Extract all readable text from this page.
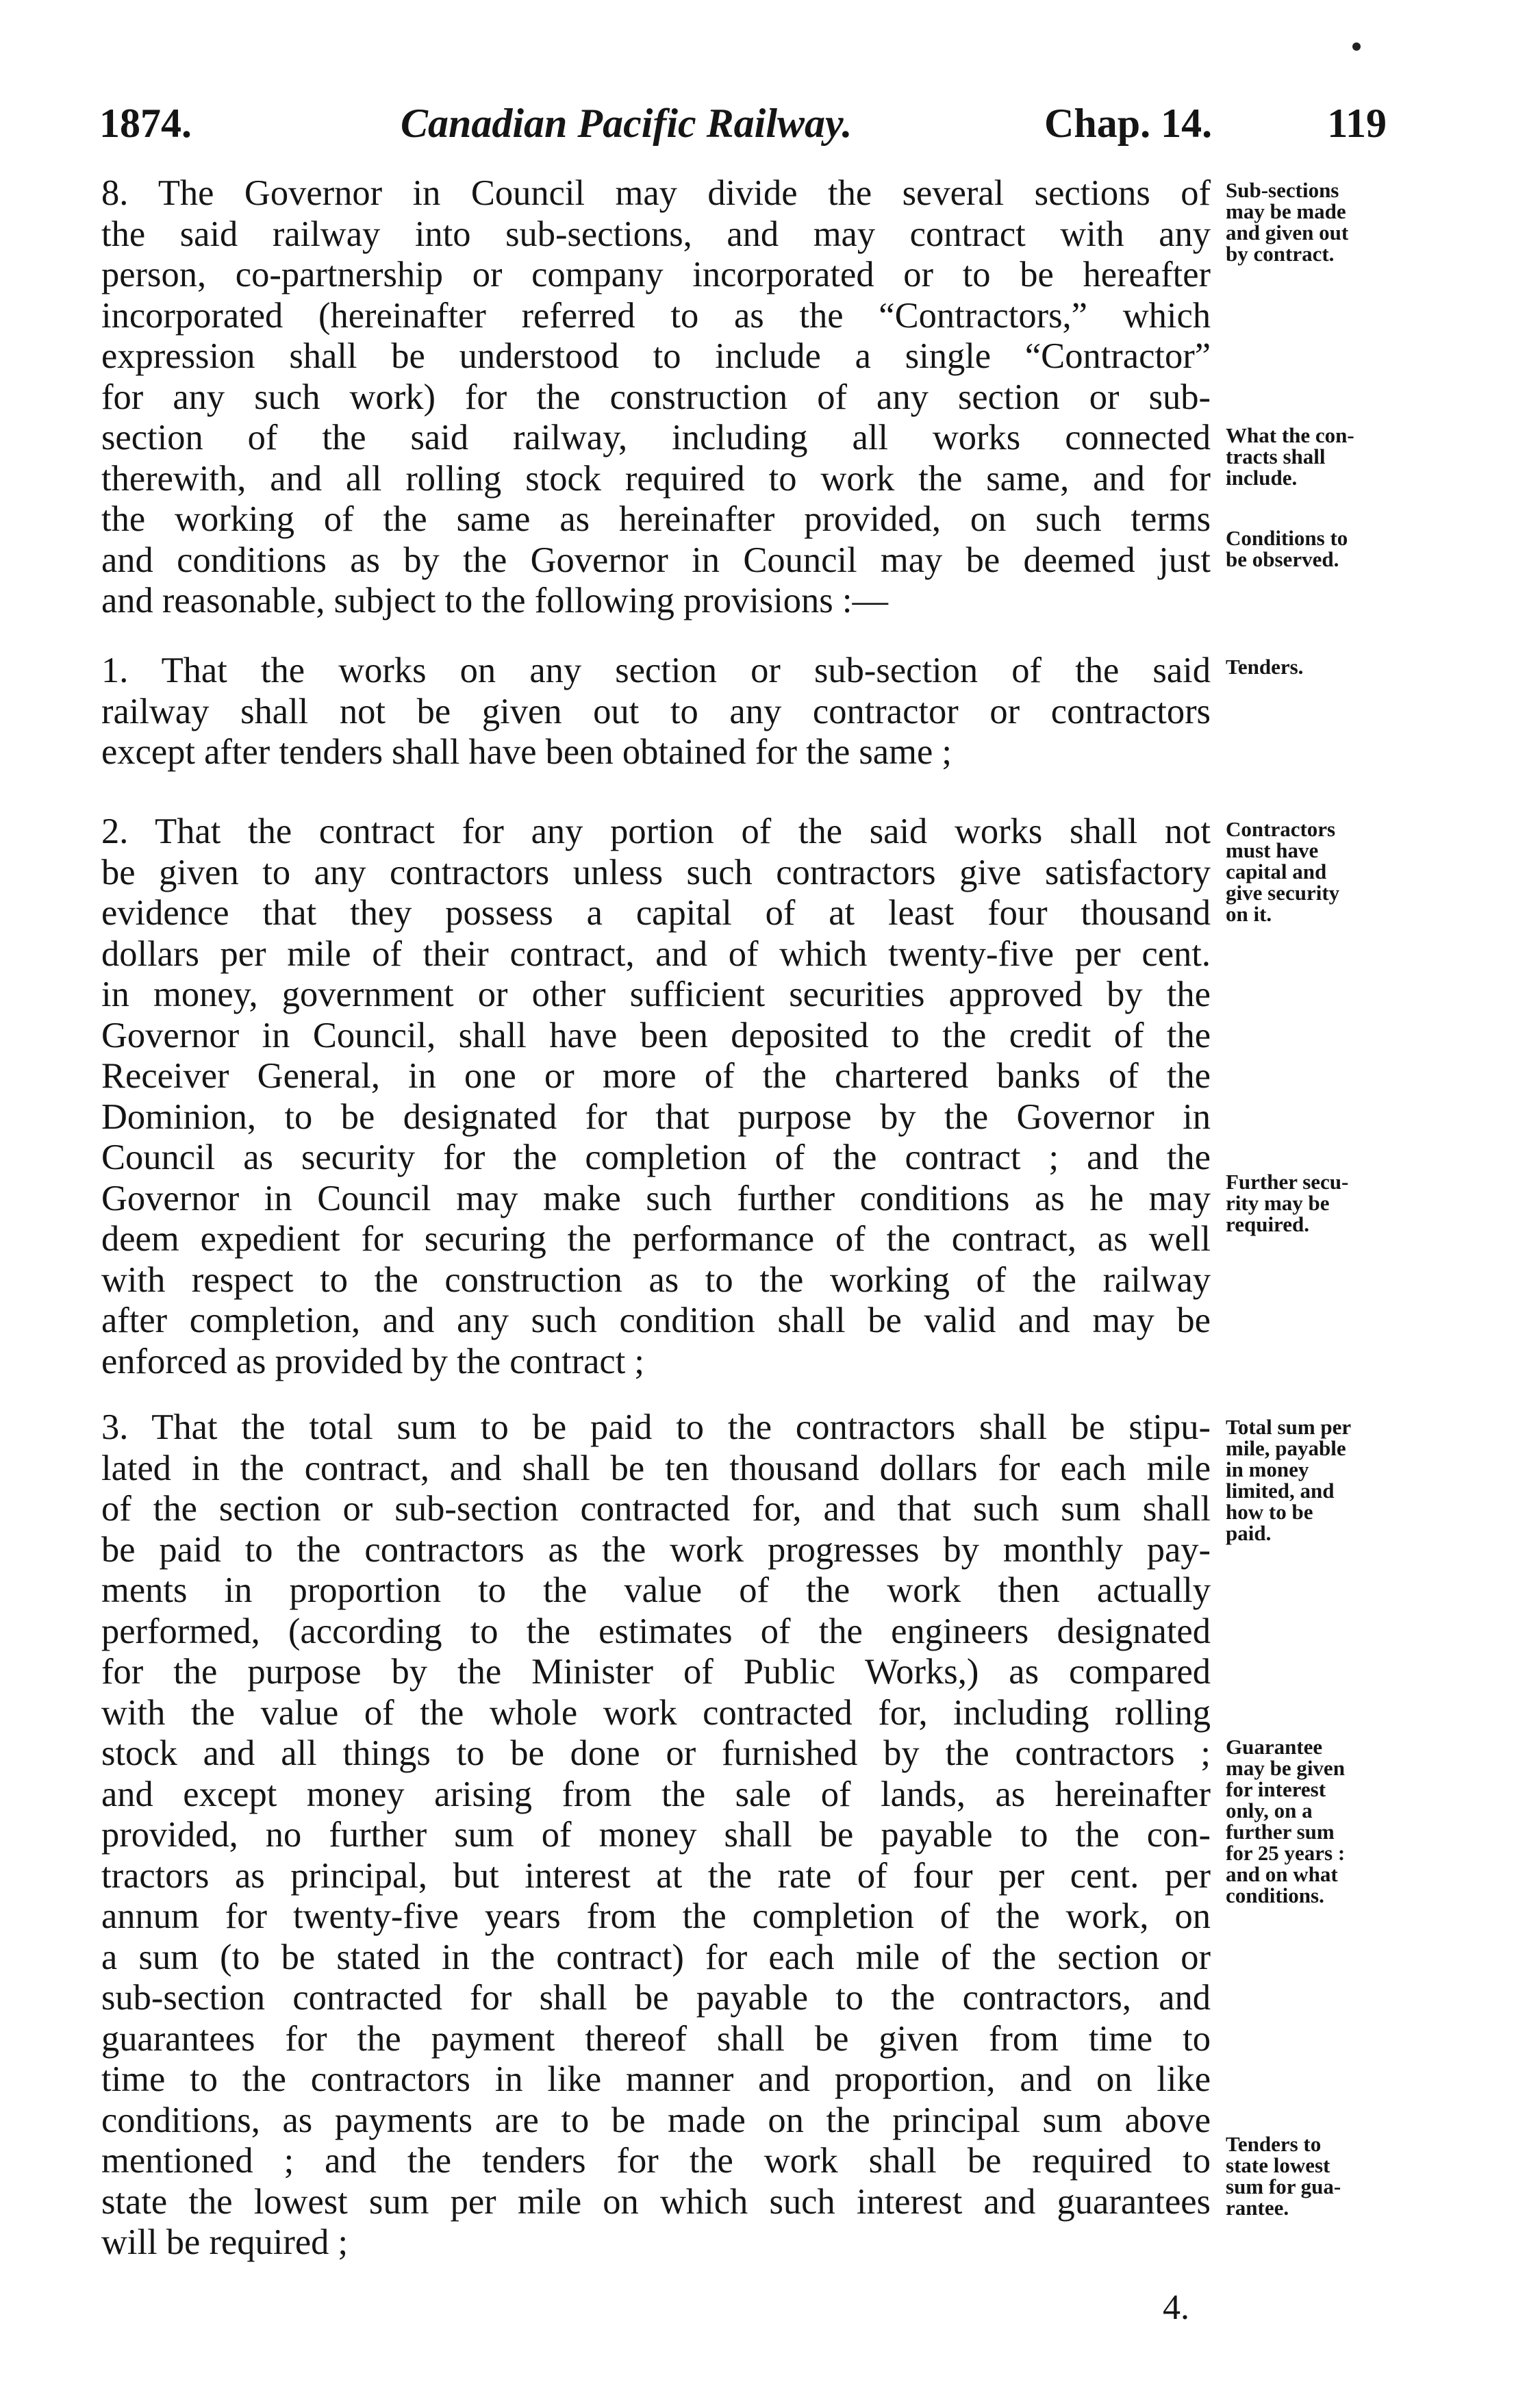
1874.	Canadian Pacific Railway.	Chap. 14.	119
8. The Governor in Council may divide the several sections of
the said railway into sub-sections, and may contract with any
person, co-partnership or company incorporated or to be hereafter
incorporated (hereinafter referred to as the “Contractors,” which
expression shall be understood to include a single “Contractor”
for any such work) for the construction of any section or sub-
section of the said railway, including all works connected
therewith, and all rolling stock required to work the same, and for
the working of the same as hereinafter provided, on such terms
and conditions as by the Governor in Council may be deemed just
and reasonable, subject to the following provisions :—
1. That the works on any section or sub-section of the said
railway shall not be given out to any contractor or contractors
except after tenders shall have been obtained for the same ;
2. That the contract for any portion of the said works shall not
be given to any contractors unless such contractors give satisfactory
evidence that they possess a capital of at least four thousand
dollars per mile of their contract, and of which twenty-five per cent.
in money, government or other sufficient securities approved by the
Governor in Council, shall have been deposited to the credit of the
Receiver General, in one or more of the chartered banks of the
Dominion, to be designated for that purpose by the Governor in
Council as security for the completion of the contract ; and the
Governor in Council may make such further conditions as he may
deem expedient for securing the performance of the contract, as well
with respect to the construction as to the working of the railway
after completion, and any such condition shall be valid and may be
enforced as provided by the contract ;
3. That the total sum to be paid to the contractors shall be stipu-
lated in the contract, and shall be ten thousand dollars for each mile
of the section or sub-section contracted for, and that such sum shall
be paid to the contractors as the work progresses by monthly pay-
ments in proportion to the value of the work then actually
performed, (according to the estimates of the engineers designated
for the purpose by the Minister of Public Works,) as compared
with the value of the whole work contracted for, including rolling
stock and all things to be done or furnished by the contractors ;
and except money arising from the sale of lands, as hereinafter
provided, no further sum of money shall be payable to the con-
tractors as principal, but interest at the rate of four per cent. per
annum for twenty-five years from the completion of the work, on
a sum (to be stated in the contract) for each mile of the section or
sub-section contracted for shall be payable to the contractors, and
guarantees for the payment thereof shall be given from time to
time to the contractors in like manner and proportion, and on like
conditions, as payments are to be made on the principal sum above
mentioned ; and the tenders for the work shall be required to
state the lowest sum per mile on which such interest and guarantees
will be required ;
Sub-sections
may be made
and given out
by contract.
What the con-
tracts shall
include.
Conditions to
be observed.
Tenders.
Contractors
must have
capital and
give security
on it.
Further secu-
rity may be
required.
Total sum per
mile, payable
in money
limited, and
how to be
paid.
Guarantee
may be given
for interest
only, on a
further sum
for 25 years :
and on what
conditions.
Tenders to
state lowest
sum for gua-
rantee.
4.
